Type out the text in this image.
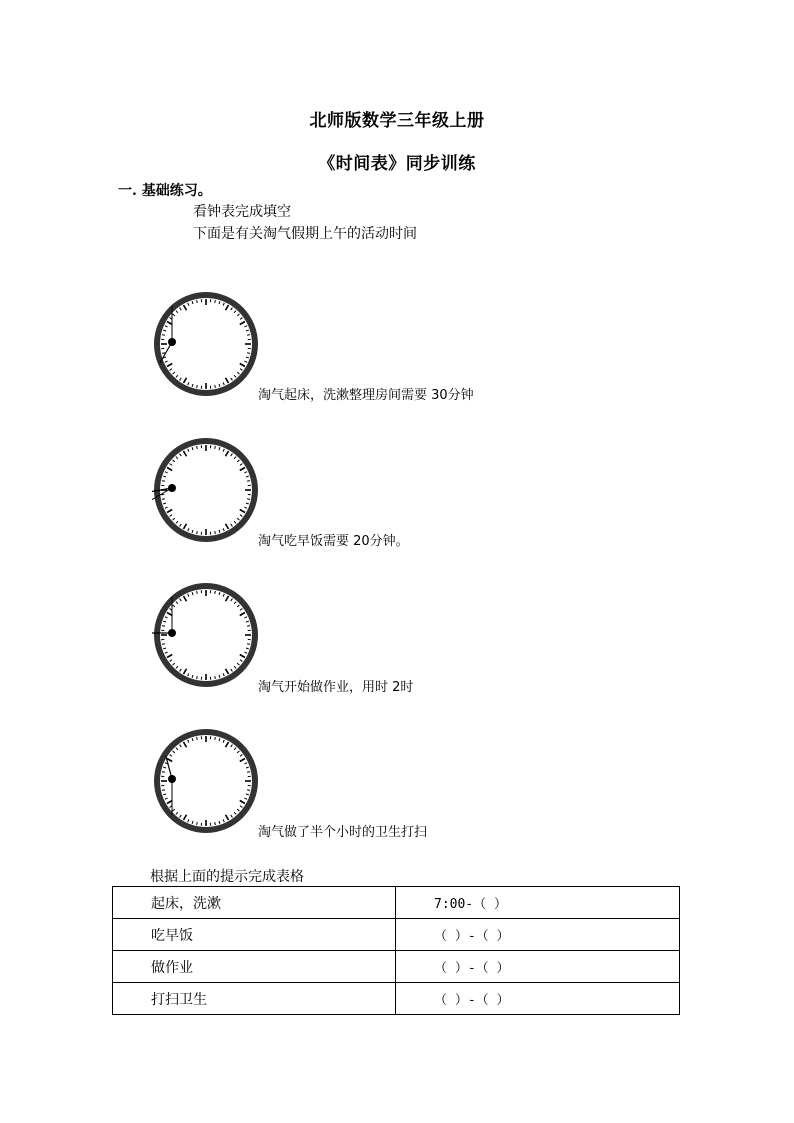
北师版数学三年级上册
《时间表》同步训练
一. 基础练习。
看钟表完成填空
下面是有关淘气假期上午的活动时间
淘气起床，洗漱整理房间需要 30分钟
淘气吃早饭需要 20分钟。
淘气开始做作业，用时 2时
淘气做了半个小时的卫生打扫
根据上面的提示完成表格
起床，洗漱	7:00-（ ）
吃早饭	（ ）-（ ）
做作业	（ ）-（ ）
打扫卫生	（ ）-（ ）
